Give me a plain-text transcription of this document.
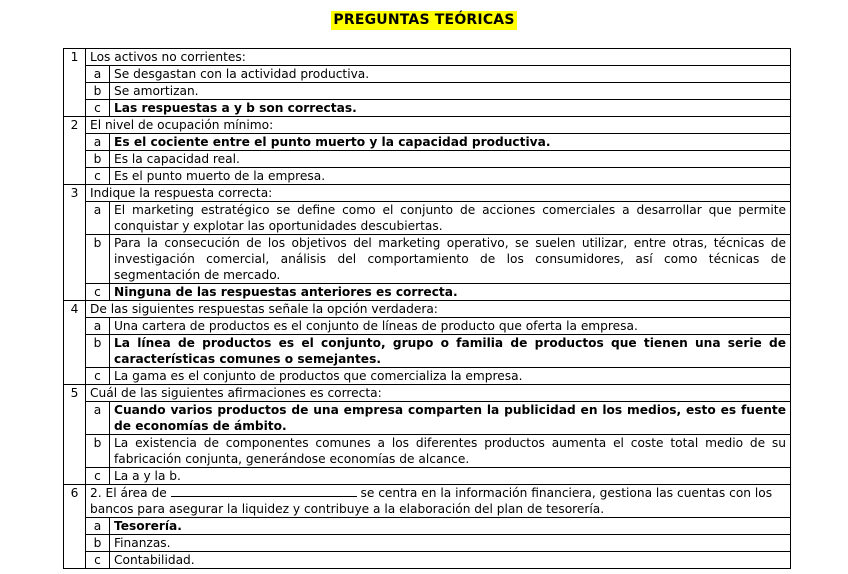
PREGUNTAS TEÓRICAS
1	Los activos no corrientes:	
	a	Se desgastan con la actividad productiva.
	b	Se amortizan.
	c	Las respuestas a y b son correctas.
2	El nivel de ocupación mínimo:	
	a	Es el cociente entre el punto muerto y la capacidad productiva.
	b	Es la capacidad real.
	c	Es el punto muerto de la empresa.
3	Indique la respuesta correcta:	
	a	El marketing estratégico se define como el conjunto de acciones comerciales a desarrollar que permite conquistar y explotar las oportunidades descubiertas.
	b	Para la consecución de los objetivos del marketing operativo, se suelen utilizar, entre otras, técnicas de investigación comercial, análisis del comportamiento de los consumidores, así como técnicas de segmentación de mercado.
	c	Ninguna de las respuestas anteriores es correcta.
4	De las siguientes respuestas señale la opción verdadera:	
	a	Una cartera de productos es el conjunto de líneas de producto que oferta la empresa.
	b	La línea de productos es el conjunto, grupo o familia de productos que tienen una serie de características comunes o semejantes.
	c	La gama es el conjunto de productos que comercializa la empresa.
5	Cuál de las siguientes afirmaciones es correcta:	
	a	Cuando varios productos de una empresa comparten la publicidad en los medios, esto es fuente de economías de ámbito.
	b	La existencia de componentes comunes a los diferentes productos aumenta el coste total medio de su fabricación conjunta, generándose economías de alcance.
	c	La a y la b.
6	2. El área de se centra en la información financiera, gestiona las cuentas con los bancos para asegurar la liquidez y contribuye a la elaboración del plan de tesorería.	
	a	Tesorería.
	b	Finanzas.
	c	Contabilidad.
